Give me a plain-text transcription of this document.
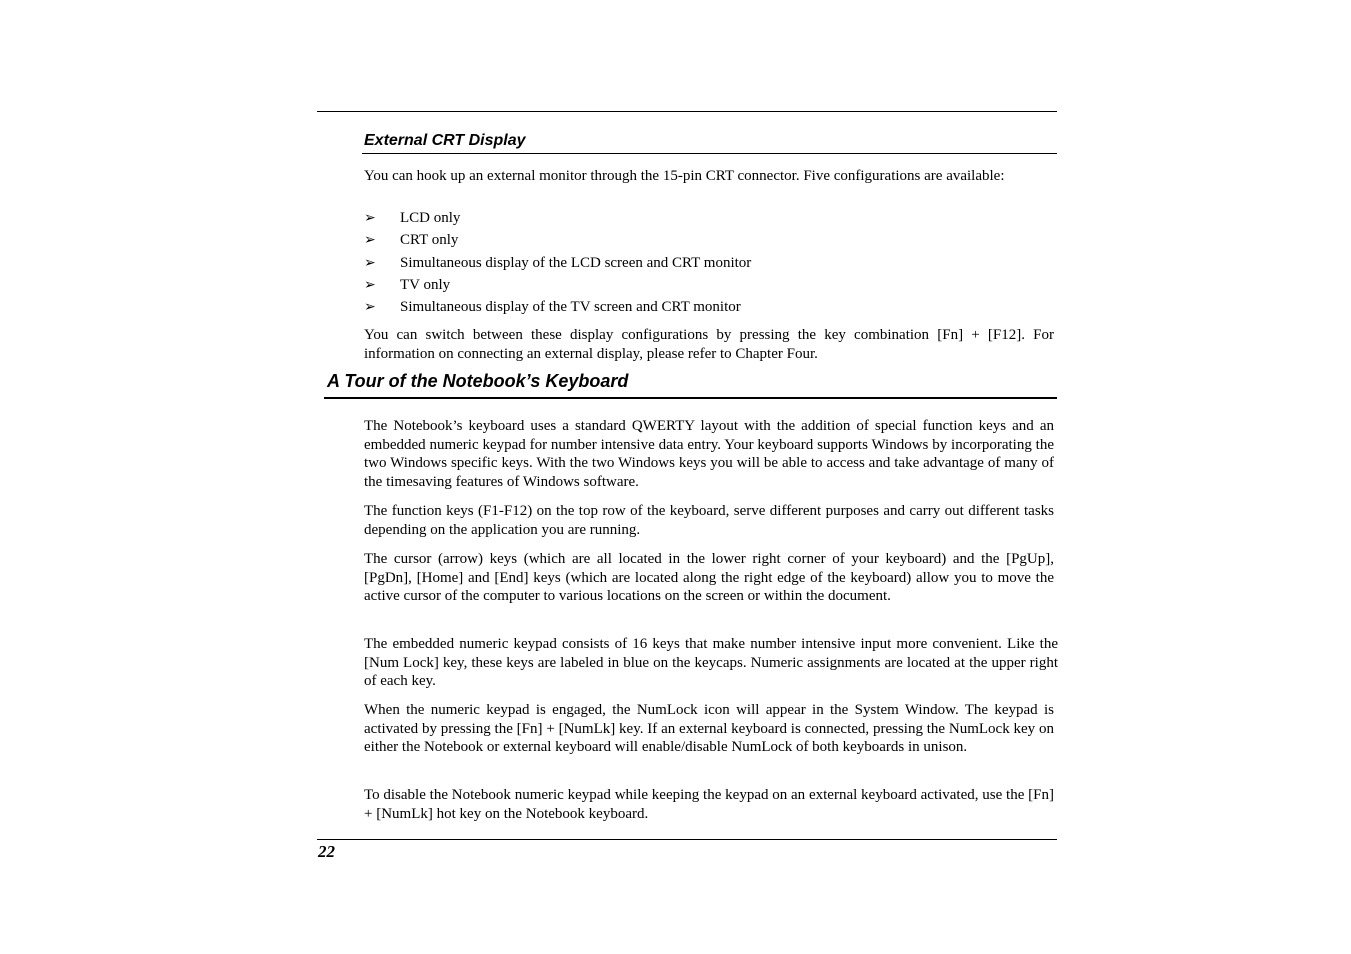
External CRT Display

You can hook up an external monitor through the 15-pin CRT connector. Five configurations are available:

➢ LCD only
➢ CRT only
➢ Simultaneous display of the LCD screen and CRT monitor
➢ TV only
➢ Simultaneous display of the TV screen and CRT monitor

You can switch between these display configurations by pressing the key combination [Fn] + [F12]. For information on connecting an external display, please refer to Chapter Four.

A Tour of the Notebook’s Keyboard

The Notebook’s keyboard uses a standard QWERTY layout with the addition of special function keys and an embedded numeric keypad for number intensive data entry. Your keyboard supports Windows by incorporating the two Windows specific keys. With the two Windows keys you will be able to access and take advantage of many of the timesaving features of Windows software.

The function keys (F1-F12) on the top row of the keyboard, serve different purposes and carry out different tasks depending on the application you are running.

The cursor (arrow) keys (which are all located in the lower right corner of your keyboard) and the [PgUp], [PgDn], [Home] and [End] keys (which are located along the right edge of the keyboard) allow you to move the active cursor of the computer to various locations on the screen or within the document.

The embedded numeric keypad consists of 16 keys that make number intensive input more convenient. Like the [Num Lock] key, these keys are labeled in blue on the keycaps. Numeric assignments are located at the upper right of each key.

When the numeric keypad is engaged, the NumLock icon will appear in the System Window. The keypad is activated by pressing the [Fn] + [NumLk] key. If an external keyboard is connected, pressing the NumLock key on either the Notebook or external keyboard will enable/disable NumLock of both keyboards in unison.

To disable the Notebook numeric keypad while keeping the keypad on an external keyboard activated, use the [Fn] + [NumLk] hot key on the Notebook keyboard.

22
